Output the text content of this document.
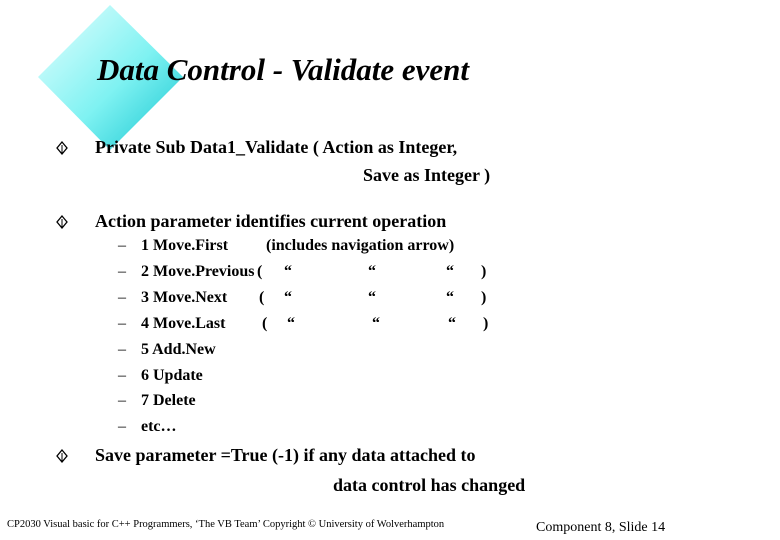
Data Control - Validate event
Private Sub Data1_Validate ( Action as Integer,
Save as Integer )
Action parameter identifies current operation
– 1 Move.First (includes navigation arrow)
– 2 Move.Previous ( “	“	“ )
– 3 Move.Next ( “	“	“ )
– 4 Move.Last ( “	“	“ )
– 5 Add.New
– 6 Update
– 7 Delete
– etc…
Save parameter =True (-1) if any data attached to
data control has changed
CP2030 Visual basic for C++ Programmers, ‘The VB Team’ Copyright © University of Wolverhampton	Component 8, Slide 14
